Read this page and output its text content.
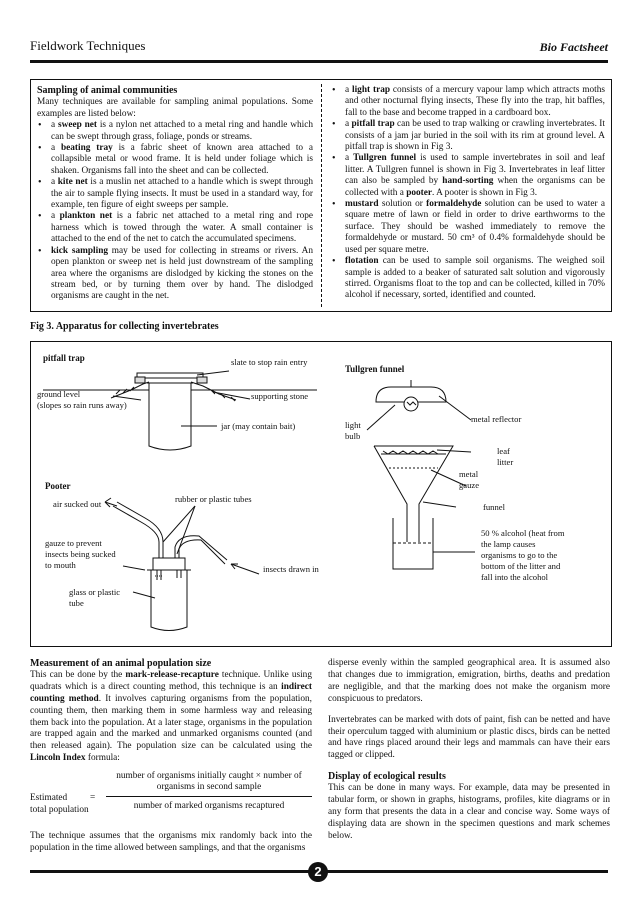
Fieldwork Techniques	Bio Factsheet
Sampling of animal communities
Many techniques are available for sampling animal populations. Some examples are listed below:
• a sweep net is a nylon net attached to a metal ring and handle which can be swept through grass, foliage, ponds or streams.
• a beating tray is a fabric sheet of known area attached to a collapsible metal or wood frame. It is held under foliage which is shaken. Organisms fall into the sheet and can be collected.
• a kite net is a muslin net attached to a handle which is swept through the air to sample flying insects. It must be used in a standard way, for example, ten figure of eight sweeps per sample.
• a plankton net is a fabric net attached to a metal ring and rope harness which is towed through the water. A small container is attached to the end of the net to catch the accumulated specimens.
• kick sampling may be used for collecting in streams or rivers. An open plankton or sweep net is held just downstream of the sampling area where the organisms are dislodged by kicking the stones on the stream bed, or by turning them over by hand. The dislodged organisms are caught in the net.
• a light trap consists of a mercury vapour lamp which attracts moths and other nocturnal flying insects, These fly into the trap, hit baffles, fall to the base and become trapped in a cardboard box.
• a pitfall trap can be used to trap walking or crawling invertebrates. It consists of a jam jar buried in the soil with its rim at ground level. A pitfall trap is shown in Fig 3.
• a Tullgren funnel is used to sample invertebrates in soil and leaf litter. A Tullgren funnel is shown in Fig 3. Invertebrates in leaf litter can also be sampled by hand-sorting when the organisms can be collected with a pooter. A pooter is shown in Fig 3.
• mustard solution or formaldehyde solution can be used to water a square metre of lawn or field in order to drive earthworms to the surface. They should be washed immediately to remove the formaldehyde or mustard. 50 cm³ of 0.4% formaldehyde should be used per square metre.
• flotation can be used to sample soil organisms. The weighed soil sample is added to a beaker of saturated salt solution and vigorously stirred. Organisms float to the top and can be collected, killed in 70% alcohol if necessary, sorted, identified and counted.
Fig 3. Apparatus for collecting invertebrates
pitfall trap	slate to stop rain entry
ground level
(slopes so rain runs away)
supporting stone
jar (may contain bait)
Tullgren funnel
light
bulb
metal reflector
leaf
litter
metal
gauze
funnel
50 % alcohol (heat from
the lamp causes
organisms to go to the
bottom of the litter and
fall into the alcohol
Pooter
air sucked out	rubber or plastic tubes
gauze to prevent
insects being sucked
to mouth	insects drawn in
glass or plastic
tube
Measurement of an animal population size

This can be done by the mark-release-recapture technique. Unlike using quadrats which is a direct counting method, this technique is an indirect counting method. It involves capturing organisms from the population, counting them, then marking them in some harmless way and releasing them back into the population. At a later stage, organisms in the population are trapped again and the marked and unmarked organisms counted (and then released again). The population size can be calculated using the Lincoln Index formula:

Estimated
total population
=
number of organisms initially caught × number of
organisms in second sample
number of marked organisms recaptured

The technique assumes that the organisms mix randomly back into the population in the time allowed between samplings, and that the organisms

disperse evenly within the sampled geographical area. It is assumed also that changes due to immigration, emigration, births, deaths and predation are negligible, and that the marking does not make the organism more conspicuous to predators.

Invertebrates can be marked with dots of paint, fish can be netted and have their operculum tagged with aluminium or plastic discs, birds can be netted and have rings placed around their legs and mammals can have their ears tagged or clipped.

Display of ecological results

This can be done in many ways. For example, data may be presented in tabular form, or shown in graphs, histograms, profiles, kite diagrams or in any form that presents the data in a clear and concise way. Some ways of displaying data are shown in the specimen questions and mark schemes below.

2
